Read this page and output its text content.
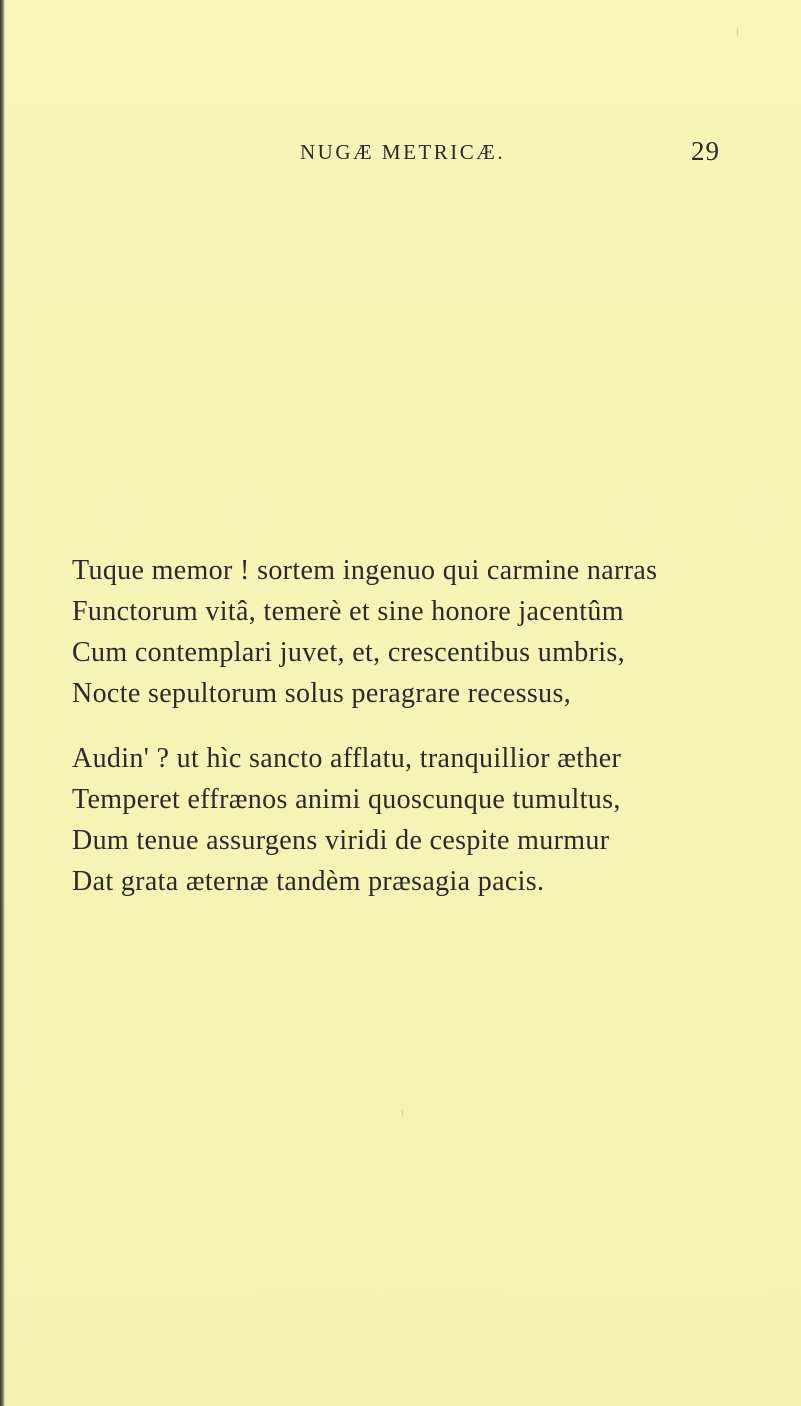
NUGÆ METRICÆ.	29
Tuque memor ! sortem ingenuo qui carmine narras
Functorum vitâ, temerè et sine honore jacentûm
Cum contemplari juvet, et, crescentibus umbris,
Nocte sepultorum solus peragrare recessus,
Audin' ? ut hìc sancto afflatu, tranquillior æther
Temperet effrænos animi quoscunque tumultus,
Dum tenue assurgens viridi de cespite murmur
Dat grata æternæ tandèm præsagia pacis.
